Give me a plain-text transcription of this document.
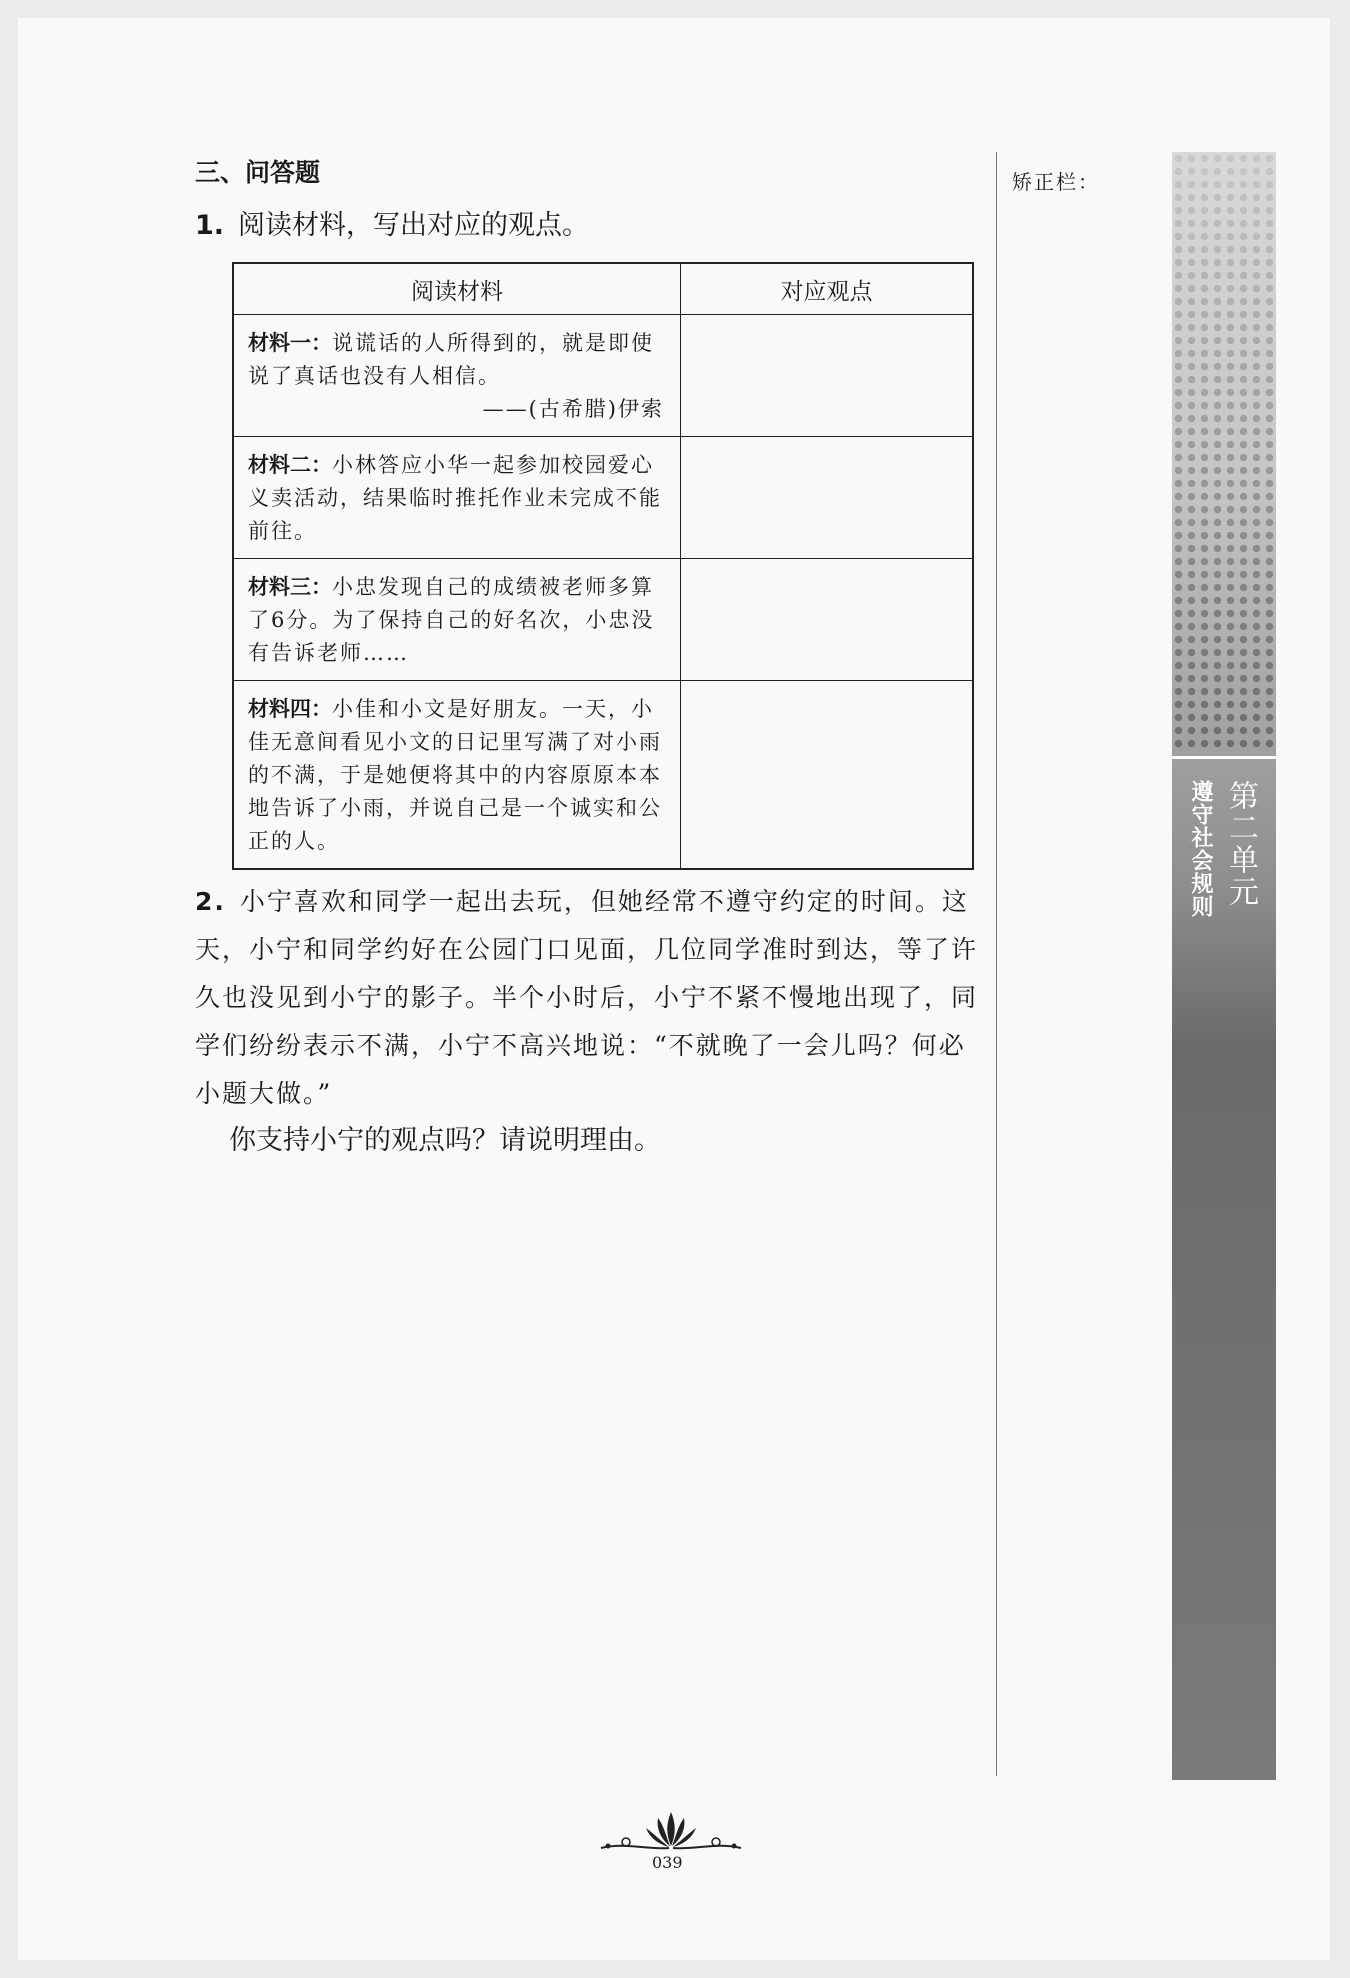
三、问答题
1. 阅读材料，写出对应的观点。
阅读材料	对应观点
材料一：说谎话的人所得到的，就是即使说了真话也没有人相信。
——(古希腊)伊索	

材料二：小林答应小华一起参加校园爱心义卖活动，结果临时推托作业未完成不能前往。	
材料三：小忠发现自己的成绩被老师多算了6分。为了保持自己的好名次，小忠没有告诉老师……	
材料四：小佳和小文是好朋友。一天，小佳无意间看见小文的日记里写满了对小雨的不满，于是她便将其中的内容原原本本地告诉了小雨，并说自己是一个诚实和公正的人。	
2. 小宁喜欢和同学一起出去玩，但她经常不遵守约定的时间。这天，小宁和同学约好在公园门口见面，几位同学准时到达，等了许久也没见到小宁的影子。半个小时后，小宁不紧不慢地出现了，同学们纷纷表示不满，小宁不高兴地说：“不就晚了一会儿吗？何必小题大做。”
你支持小宁的观点吗？请说明理由。
矫正栏：
第二单元
遵守社会规则
039
